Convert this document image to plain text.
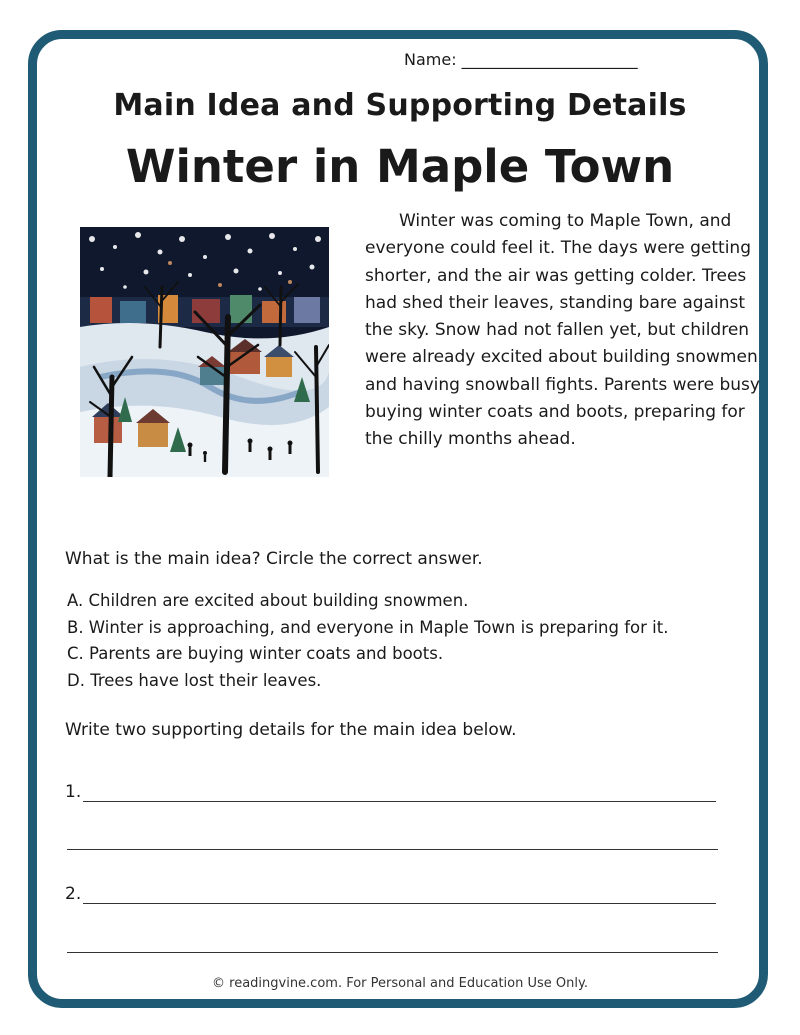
Name: ______________________
Main Idea and Supporting Details
Winter in Maple Town

Winter was coming to Maple Town, and everyone could feel it. The days were getting shorter, and the air was getting colder. Trees had shed their leaves, standing bare against the sky. Snow had not fallen yet, but children were already excited about building snowmen and having snowball fights. Parents were busy buying winter coats and boots, preparing for the chilly months ahead.

What is the main idea? Circle the correct answer.
A. Children are excited about building snowmen.
B. Winter is approaching, and everyone in Maple Town is preparing for it.
C. Parents are buying winter coats and boots.
D. Trees have lost their leaves.
Write two supporting details for the main idea below.
1.
2.
© readingvine.com. For Personal and Education Use Only.
